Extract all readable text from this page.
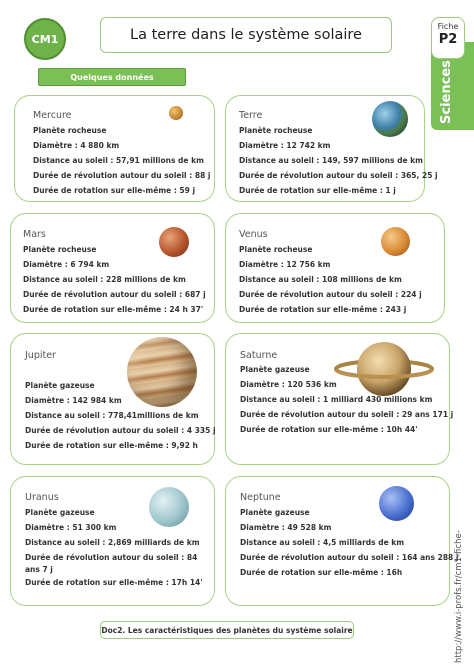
CM1	La terre dans le système solaire
Sciences
Fiche
P2
Quelques données
Mercure
Planète rocheuse
Diamètre : 4 880 km
Distance au soleil : 57,91 millions de km
Durée de révolution autour du soleil : 88 j
Durée de rotation sur elle-même : 59 j
Terre
Planète rocheuse
Diamètre : 12 742 km
Distance au soleil : 149, 597 millions de km
Durée de révolution autour du soleil : 365, 25 j
Durée de rotation sur elle-même : 1 j
Mars
Planète rocheuse
Diamètre : 6 794 km
Distance au soleil : 228 millions de km
Durée de révolution autour du soleil : 687 j
Durée de rotation sur elle-même : 24 h 37'
Venus
Planète rocheuse
Diamètre : 12 756 km
Distance au soleil : 108 millions de km
Durée de révolution autour du soleil : 224 j
Durée de rotation sur elle-même : 243 j
Jupiter
Planète gazeuse
Diamètre : 142 984 km
Distance au soleil : 778,41millions de km
Durée de révolution autour du soleil : 4 335 j
Durée de rotation sur elle-même : 9,92 h
Saturne
Planète gazeuse
Diamètre : 120 536 km
Distance au soleil : 1 milliard 430 millions km
Durée de révolution autour du soleil : 29 ans 171 j
Durée de rotation sur elle-même : 10h 44'
Uranus
Planète gazeuse
Diamètre : 51 300 km
Distance au soleil : 2,869 milliards de km
Durée de révolution autour du soleil : 84 ans 7 j
Durée de rotation sur elle-même : 17h 14'
Neptune
Planète gazeuse
Diamètre : 49 528 km
Distance au soleil : 4,5 milliards de km
Durée de révolution autour du soleil : 164 ans 288 j
Durée de rotation sur elle-même : 16h
Doc2. Les caractéristiques des planètes du système solaire	http://www.i-profs.fr/cm1-fiche-
